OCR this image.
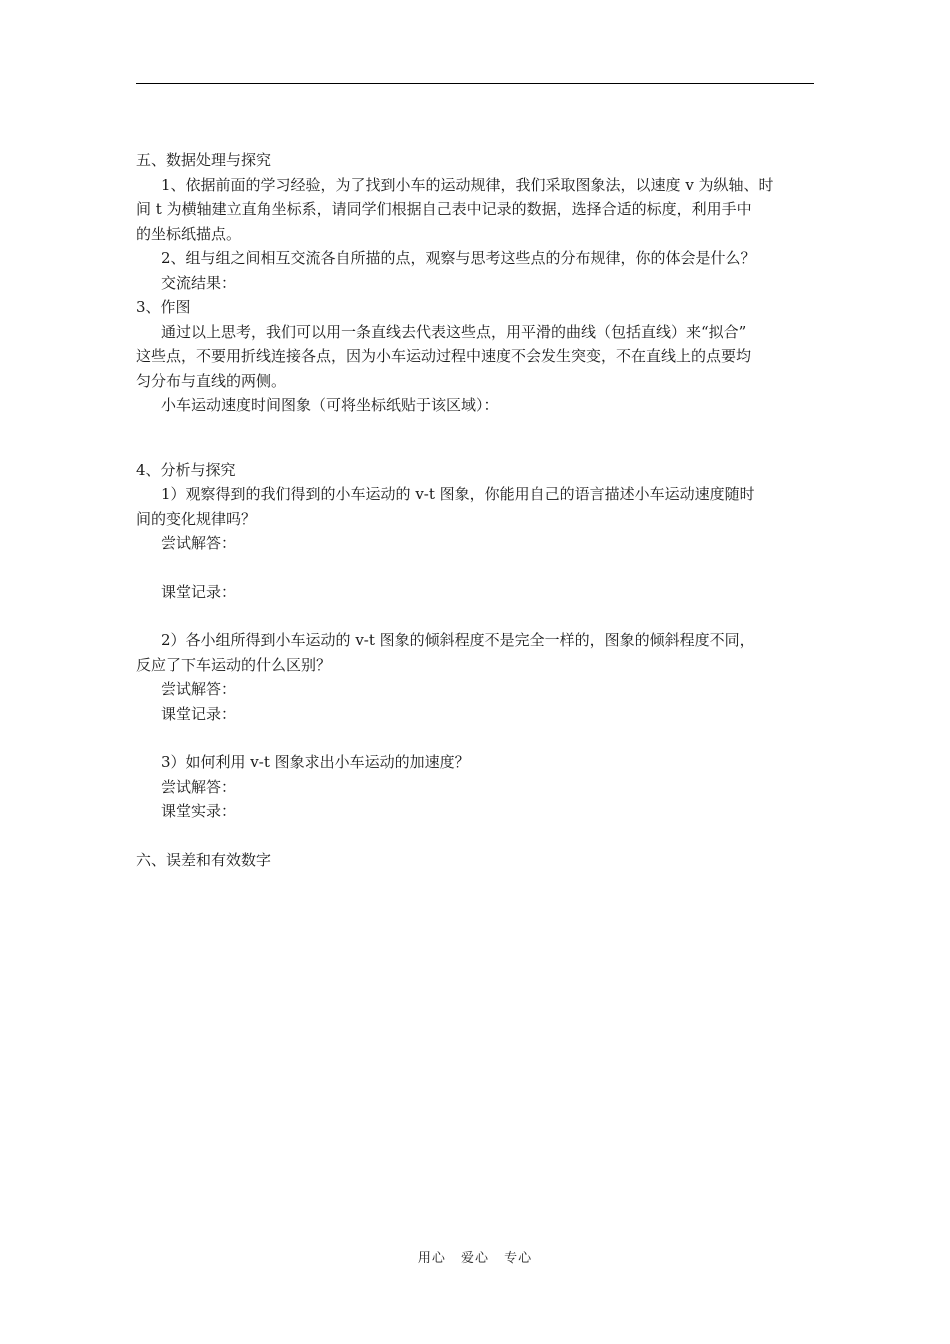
五、数据处理与探究
1、依据前面的学习经验，为了找到小车的运动规律，我们采取图象法，以速度 v 为纵轴、时
间 t 为横轴建立直角坐标系，请同学们根据自己表中记录的数据，选择合适的标度，利用手中
的坐标纸描点。
2、组与组之间相互交流各自所描的点，观察与思考这些点的分布规律，你的体会是什么？
交流结果：
3、作图
通过以上思考，我们可以用一条直线去代表这些点，用平滑的曲线（包括直线）来“拟合”
这些点，不要用折线连接各点，因为小车运动过程中速度不会发生突变，不在直线上的点要均
匀分布与直线的两侧。
小车运动速度时间图象（可将坐标纸贴于该区域）：
4、分析与探究
1）观察得到的我们得到的小车运动的 v-t 图象，你能用自己的语言描述小车运动速度随时
间的变化规律吗？
尝试解答：
课堂记录：
2）各小组所得到小车运动的 v-t 图象的倾斜程度不是完全一样的，图象的倾斜程度不同，
反应了下车运动的什么区别？
尝试解答：
课堂记录：
3）如何利用 v-t 图象求出小车运动的加速度？
尝试解答：
课堂实录：
六、误差和有效数字
用心 爱心 专心
